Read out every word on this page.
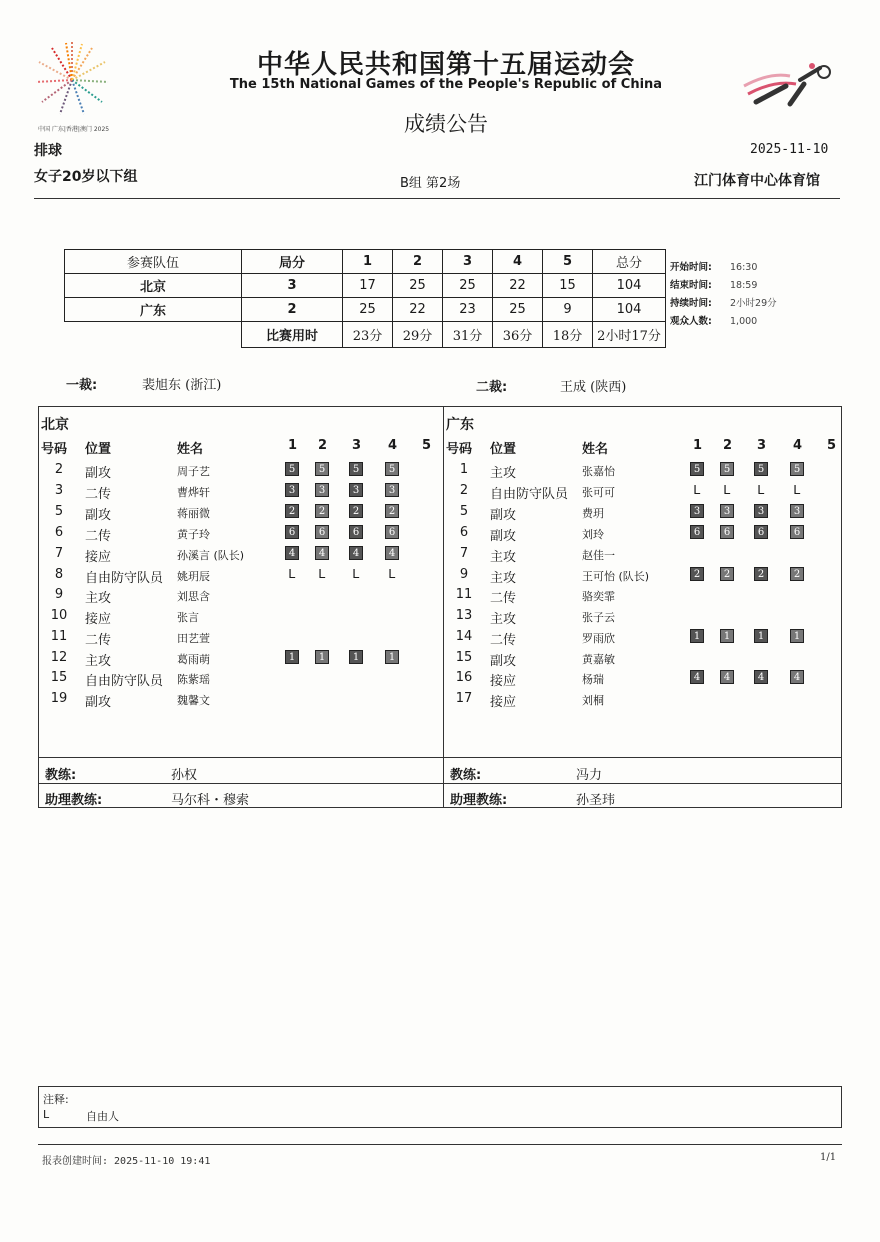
中国 广东|香港|澳门 2025
中华人民共和国第十五届运动会
The 15th National Games of the People's Republic of China
成绩公告
排球
女子20岁以下组	B组 第2场
2025-11-10
江门体育中心体育馆
参赛队伍	局分	1	2	3	4	5	总分
北京	3	17	25	25	22	15	104
广东	2	25	22	23	25	9	104
	比赛用时	23分	29分	31分	36分	18分	2小时17分
开始时间: 16:30
结束时间: 18:59
持续时间: 2小时29分
观众人数: 1,000
一裁:	裴旭东 (浙江)	二裁:	王成 (陕西)
北京
号码 位置	姓名	1 2 3 4 5
2	副攻	周子艺	5	5	5	5
3	二传	曹烨轩	3	3	3	3
5	副攻	蒋丽微	2	2	2	2
6	二传	黄子玲	6	6	6	6
7	接应	孙溪言 (队长)	4	4	4	4
8	自由防守队员 姚玥辰	L L L L
9	主攻	刘思含
10	接应	张言
11	二传	田艺萱
12	主攻	葛雨萌	1	1	1	1
15	自由防守队员 陈紫瑶
19	副攻	魏馨文
教练:	孙权
助理教练:	马尔科・穆索
广东
号码 位置	姓名	1 2 3 4 5
1	主攻	张嘉怡	5	5	5	5
2	自由防守队员 张可可	L L L L
5	副攻	费玥	3	3	3	3
6	副攻	刘玲	6	6	6	6
7	主攻	赵佳一
9	主攻	王可怡 (队长)	2	2	2	2
11	二传	骆奕霏
13	主攻	张子云
14	二传	罗雨欣	1	1	1	1
15	副攻	黄嘉敏
16	接应	杨瑞	4	4	4	4
17	接应	刘桐
教练:	冯力
助理教练:	孙圣玮
注释:
L	自由人
报表创建时间: 2025-11-10 19:41	1/1
